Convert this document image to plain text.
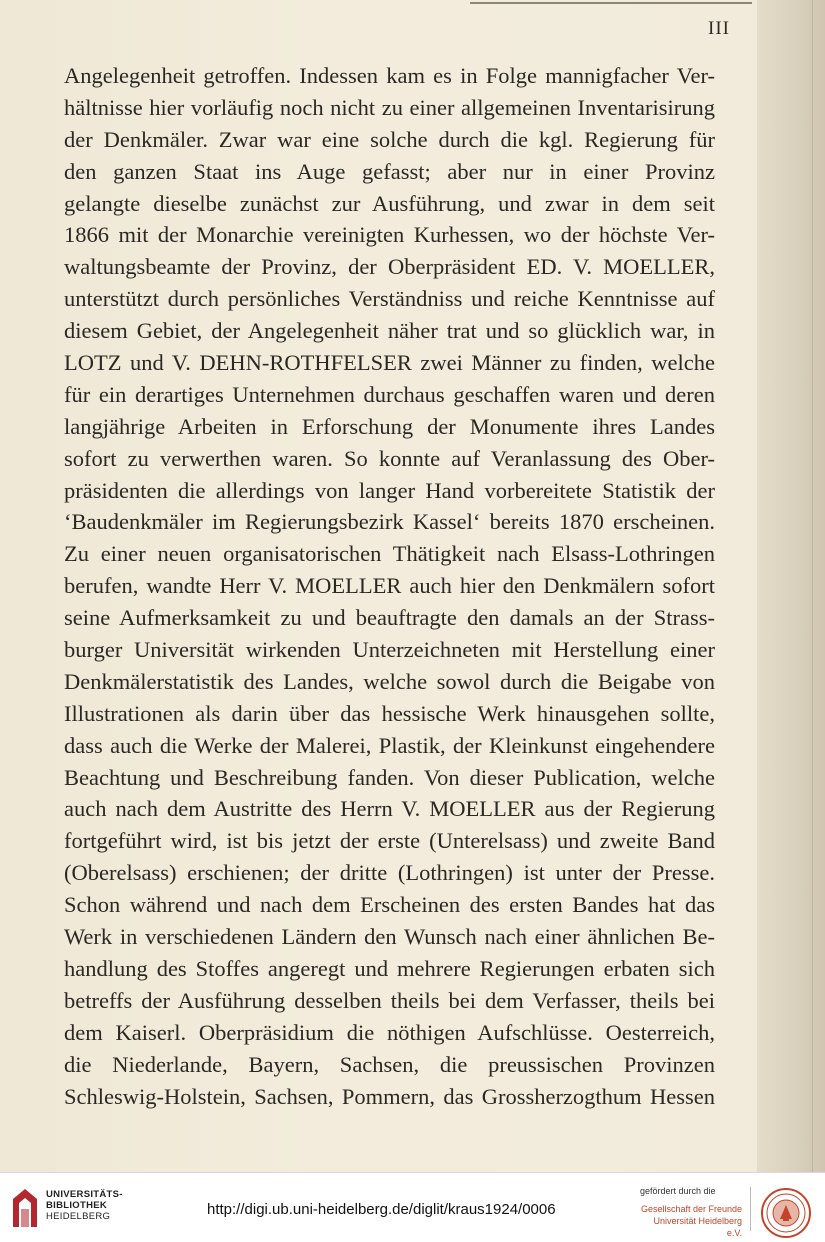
III
Angelegenheit getroffen. Indessen kam es in Folge mannigfacher Ver-
hältnisse hier vorläufig noch nicht zu einer allgemeinen Inventarisirung
der Denkmäler. Zwar war eine solche durch die kgl. Regierung für
den ganzen Staat ins Auge gefasst; aber nur in einer Provinz
gelangte dieselbe zunächst zur Ausführung, und zwar in dem seit
1866 mit der Monarchie vereinigten Kurhessen, wo der höchste Ver-
waltungsbeamte der Provinz, der Oberpräsident ED. V. MOELLER,
unterstützt durch persönliches Verständniss und reiche Kenntnisse auf
diesem Gebiet, der Angelegenheit näher trat und so glücklich war, in
LOTZ und V. DEHN-ROTHFELSER zwei Männer zu finden, welche
für ein derartiges Unternehmen durchaus geschaffen waren und deren
langjährige Arbeiten in Erforschung der Monumente ihres Landes
sofort zu verwerthen waren. So konnte auf Veranlassung des Ober-
präsidenten die allerdings von langer Hand vorbereitete Statistik der
‘Baudenkmäler im Regierungsbezirk Kassel‘ bereits 1870 erscheinen.
Zu einer neuen organisatorischen Thätigkeit nach Elsass-Lothringen
berufen, wandte Herr V. MOELLER auch hier den Denkmälern sofort
seine Aufmerksamkeit zu und beauftragte den damals an der Strass-
burger Universität wirkenden Unterzeichneten mit Herstellung einer
Denkmälerstatistik des Landes, welche sowol durch die Beigabe von
Illustrationen als darin über das hessische Werk hinausgehen sollte,
dass auch die Werke der Malerei, Plastik, der Kleinkunst eingehendere
Beachtung und Beschreibung fanden. Von dieser Publication, welche
auch nach dem Austritte des Herrn V. MOELLER aus der Regierung
fortgeführt wird, ist bis jetzt der erste (Unterelsass) und zweite Band
(Oberelsass) erschienen; der dritte (Lothringen) ist unter der Presse.
Schon während und nach dem Erscheinen des ersten Bandes hat das
Werk in verschiedenen Ländern den Wunsch nach einer ähnlichen Be-
handlung des Stoffes angeregt und mehrere Regierungen erbaten sich
betreffs der Ausführung desselben theils bei dem Verfasser, theils bei
dem Kaiserl. Oberpräsidium die nöthigen Aufschlüsse. Oesterreich,
die Niederlande, Bayern, Sachsen, die preussischen Provinzen
Schleswig-Holstein, Sachsen, Pommern, das Grossherzogthum Hessen
UNIVERSITÄTS-
BIBLIOTHEK
HEIDELBERG	http://digi.ub.uni-heidelberg.de/diglit/kraus1924/0006
gefördert durch die
Gesellschaft der Freunde
Universität Heidelberg e.V.
